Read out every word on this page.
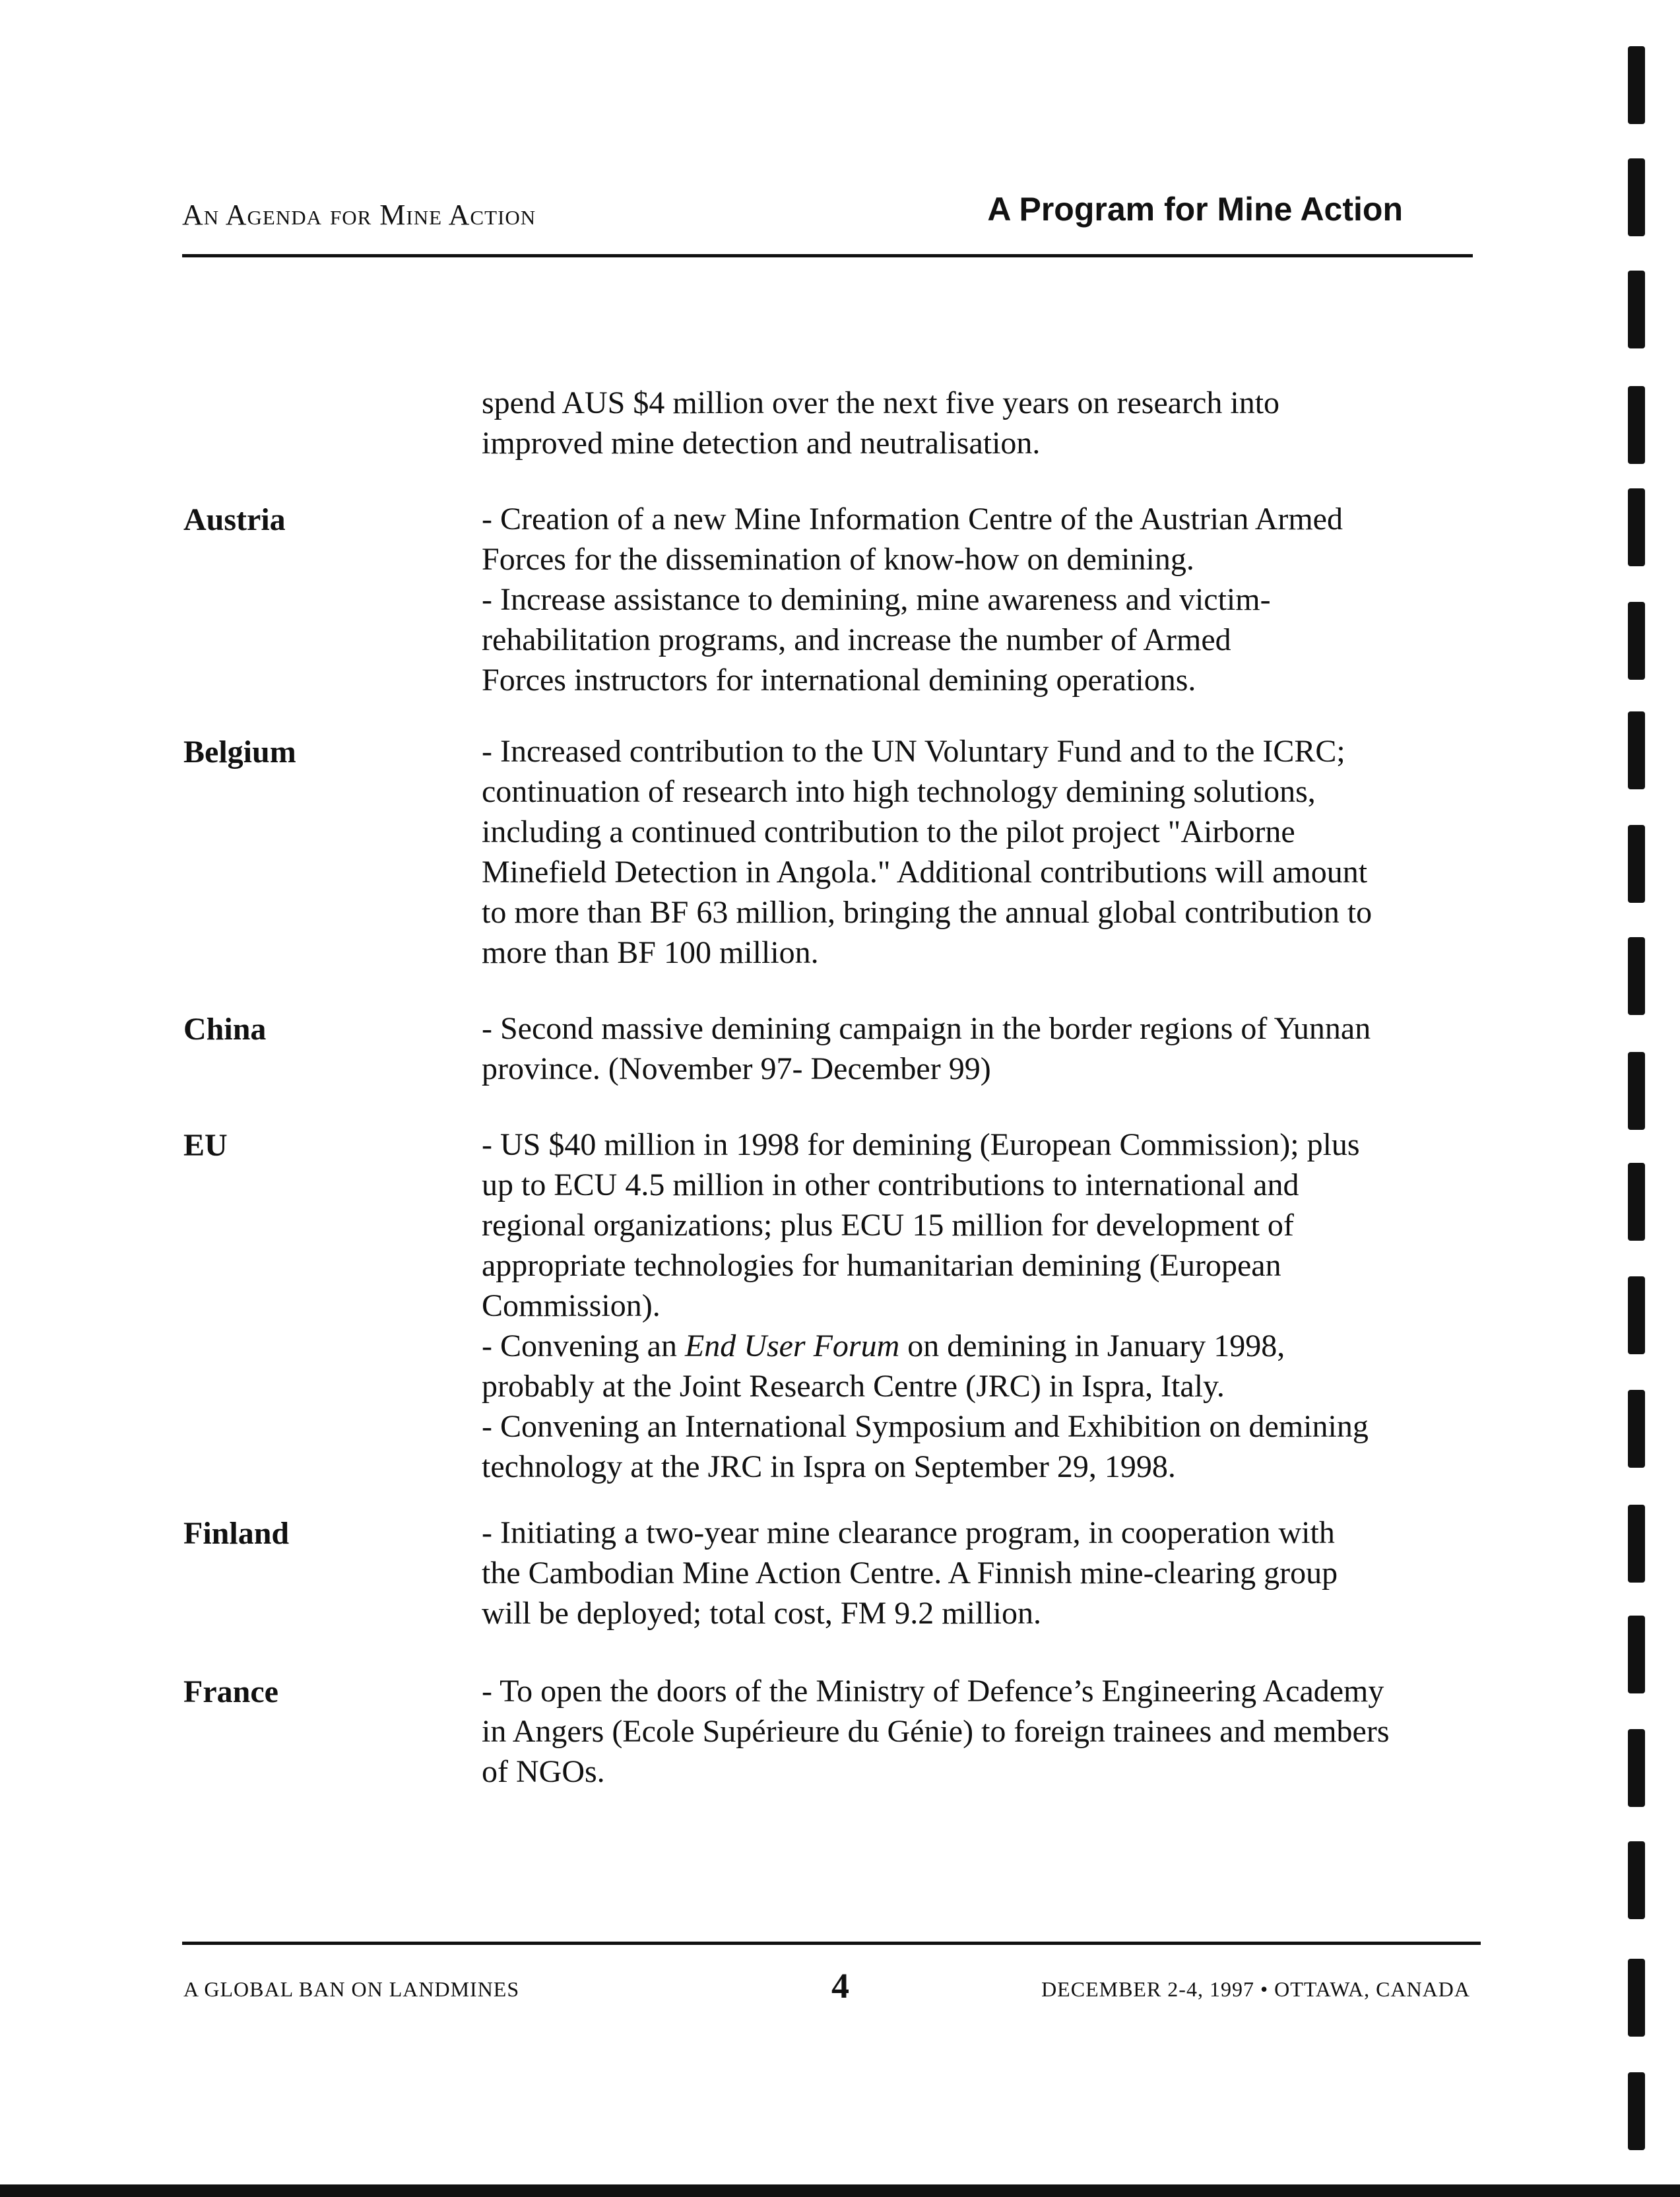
An Agenda for Mine Action	A Program for Mine Action
spend AUS $4 million over the next five years on research into
improved mine detection and neutralisation.
Austria	- Creation of a new Mine Information Centre of the Austrian Armed
Forces for the dissemination of know-how on demining.
- Increase assistance to demining, mine awareness and victim-
rehabilitation programs, and increase the number of Armed
Forces instructors for international demining operations.
Belgium	- Increased contribution to the UN Voluntary Fund and to the ICRC;
continuation of research into high technology demining solutions,
including a continued contribution to the pilot project "Airborne
Minefield Detection in Angola." Additional contributions will amount
to more than BF 63 million, bringing the annual global contribution to
more than BF 100 million.
China	- Second massive demining campaign in the border regions of Yunnan
province. (November 97- December 99)
EU	- US $40 million in 1998 for demining (European Commission); plus
up to ECU 4.5 million in other contributions to international and
regional organizations; plus ECU 15 million for development of
appropriate technologies for humanitarian demining (European
Commission).
- Convening an End User Forum on demining in January 1998,
probably at the Joint Research Centre (JRC) in Ispra, Italy.
- Convening an International Symposium and Exhibition on demining
technology at the JRC in Ispra on September 29, 1998.
Finland	- Initiating a two-year mine clearance program, in cooperation with
the Cambodian Mine Action Centre. A Finnish mine-clearing group
will be deployed; total cost, FM 9.2 million.
France	- To open the doors of the Ministry of Defence’s Engineering Academy
in Angers (Ecole Supérieure du Génie) to foreign trainees and members
of NGOs.
A GLOBAL BAN ON LANDMINES	4	DECEMBER 2-4, 1997 • OTTAWA, CANADA
